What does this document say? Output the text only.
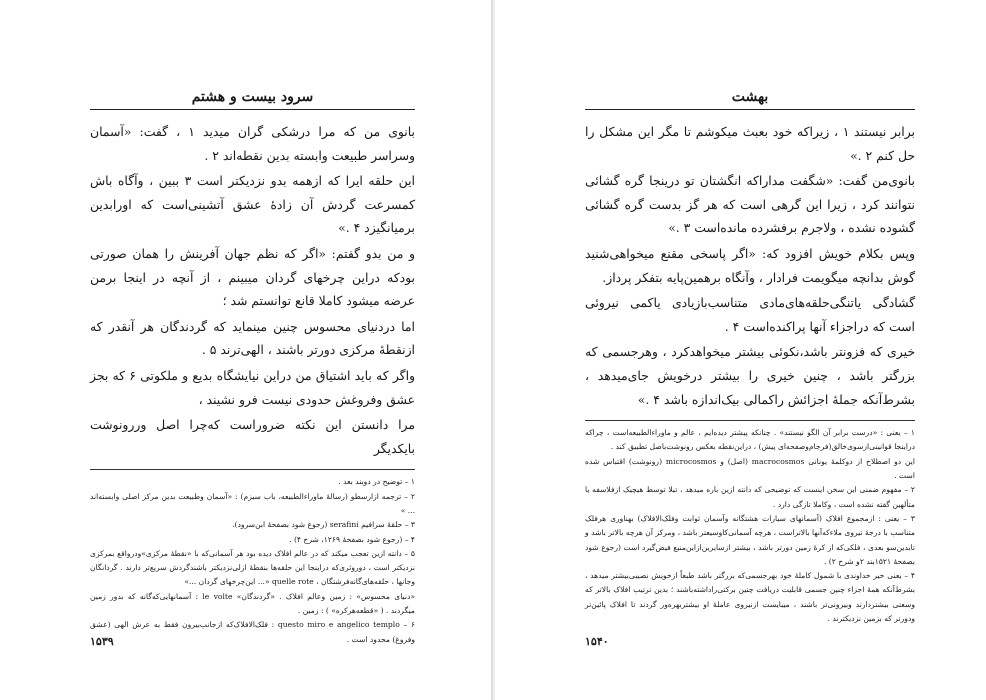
سرود بیست و هشتم

بانوی من که مرا درشکی گران میدید ۱ ، گفت: «آسمان وسراسر طبیعت وابسته بدین نقطه‌اند ۲ .

این حلقه ایرا که ازهمه بدو نزدیکتر است ۳ ببین ، وآگاه باش کمسرعت گردش آن زادهٔ عشق آتشینی‌است که اورابدین برمیانگیزد ۴ .»

و من بدو گفتم: «اگر که نظم جهان آفرینش را همان صورتی بودکه دراین چرخهای گردان میبینم ، از آنچه در اینجا برمن عرضه میشود کاملا قانع توانستم شد ؛

اما دردنیای محسوس چنین مینماید که گردندگان هر آنقدر که ازنقطهٔ مرکزی دورتر باشند ، الهی‌ترند ۵ .

واگر که باید اشتیاق من دراین نیایشگاه بدیع و ملکوتی ۶ که بجز عشق وفروغش حدودی نیست فرو نشیند ،

مرا دانستن این نکته ضروراست که‌چرا اصل وررونوشت با‌یکدیگر

۱ – توضیح در دوبند بعد .

۲ – ترجمه ازارسطو (رسالهٔ ماوراءالطبیعه، باب سیزم) : «آسمان وطبیعت بدین مرکز اصلی وابسته‌اند ... »

۳ – حلقهٔ سرافیم serafini (رجوع شود بصفحهٔ ابن‌سرود).

۴ – (رجوع شود بصفحهٔ ۱۲۶۹، شرح ۴) .

۵ – دانته ازین تعجب میکند که در عالم افلاک دیده بود هر آسمانی‌که با «نقطهٔ مرکزی»ودرواقع بمرکزی نزدیکتر است ، دوروثری‌که دراینجا این حلقه‌ها بنقطهٔ ازلی‌نزدیکتر باشندگردش سریع‌تر دارند . گردانگان وجانها ، حلقه‌های‌گانه‌فرشتگان ، quelle rote «... این‌چرخهای گردان ...»

«دنیای محسوس» : زمین وعالم افلاک . «گردندگان» le volte : آسمانهایی‌که‌گانه که بدور زمین میگردند . ( «قطعه‌هرکره‌» ) : زمین .

۶ – questo miro e angelico templo : فلک‌الافلاک‌که ازجانب‌بیرون فقط به عرش الهی (عشق وفروغ) محدود است .

۱۵۳۹
بهشت

برابر نیستند ۱ ، زیراکه خود بعبث میکوشم تا مگر این مشکل را حل کنم ۲ .»

بانوی‌من گفت: «شگفت مداراکه انگشتان تو درینجا گره گشائی نتوانند کرد ، زیرا این گرهی است که هر گز بدست گره گشائی گشوده نشده ، ولاجرم برفشرده مانده‌است ۳ .»

وپس بکلام خویش افزود که: «اگر پاسخی مقنع میخواهی‌شنید گوش بدانچه میگویمت فرادار ، وآنگاه برهمین‌پایه بتفکر پرداز.

گشادگی یاتنگی‌حلقه‌های‌مادی متناسب‌بازیادی یا‌کمی نیروئی است که دراجزاء آنها پراکنده‌است ۴ .

خیری که فزونتر باشد،نکوئی بیشتر میخواهدکرد ، وهرجسمی که بزرگتر باشد ، چنین خیری را بیشتر درخویش جای‌میدهد ، بشرط‌آنکه جملهٔ اجزائش را‌کمالی بیک‌اندازه باشد ۴ .»

۱ – یعنی : «درست برابر آن الگو نیستند» . چنانکه پیشتر دیده‌ایم ، عالم و ماوراءالطبیعه‌است ، چراکه دراینجا قوانینی‌ازسوی‌خالق(فرجام‌وصفحه‌ای پیش) ، دراین‌نقطه بعکس رونوشت‌باصل تطبیق کند .

این دو اصطلاح از دوکلمهٔ یونانی macrocosmos (اصل) و microcosmos (رونوشت) اقتباس شده است .

۲ – مفهوم ضمنی این سخن اینست که توضیحی که دانته ازین باره میدهد ، تبلا توسط هیچیک ازفلاسفه یا متألهین گفته نشده است ، وکاملا تازگی دارد .

۳ – یعنی : ازمجموع افلاک (آسمانهای سیارات هشتگانه وآسمان ثوابت وفلک‌الافلاک) بهناوری هرفلک متناسب با درجهٔ نیروی ملاءکه‌آنها بالاتراست ، هرچه آسمانی‌کاوسیعتر باشد ، ومرکز آن هرچه بالاتر باشد و تابدین‌سو بعدی ، فلکی‌که از کرهٔ زمین دورتر باشد ، بیشتر ازسایرین‌ازاین‌منبع فیض‌گیرد است (رجوع شود بصفحهٔ ۱۵۲۱بند ۲و شرح ۲) .

۴ – یعنی خیر خداوندی با شمول کاملهٔ خود بهرجسمی‌که بزرگتر باشد طبعاً ازخویش نصیبی‌بیشتر میدهد ، بشرط‌آنکه همهٔ اجزاء چنین جسمی قابلیت دریافت چنین برکتی‌راداشته‌باشند ؛ بدین ترتیب افلاک بالاتر که وسعتی بیشتردارند وبیرونی‌تر باشند ، میبایست ازنیروی عاملهٔ او بیشتر‌بهره‌ور گردند تا افلاک پائین‌تر ودورتر که بزمین نزدیکترند .

۱۵۴۰
